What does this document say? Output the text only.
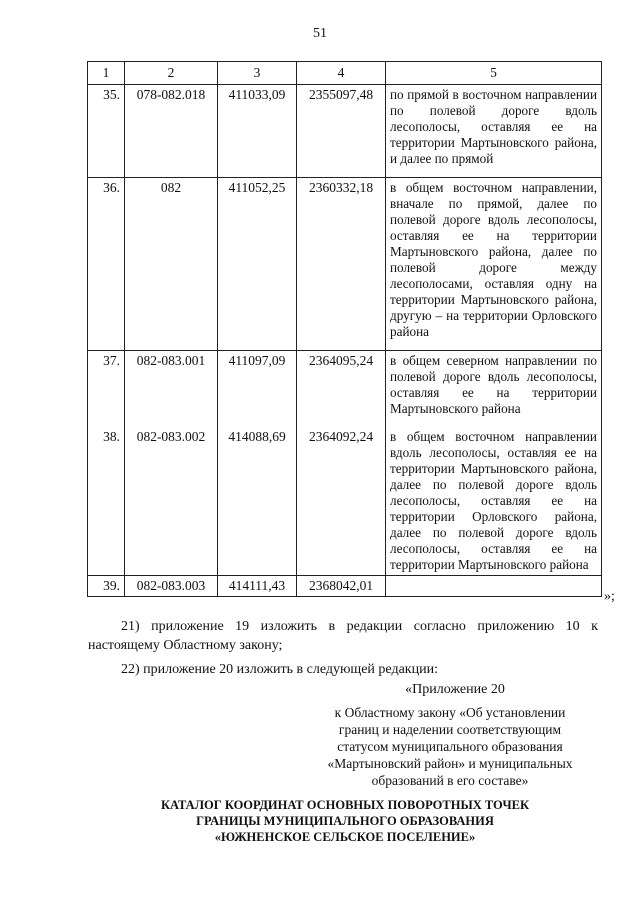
51
1	2	3	4	5
35.	078-082.018	411033,09	2355097,48	по прямой в восточном направлении по полевой дороге вдоль лесополосы, оставляя ее на территории Мартыновского района, и далее по прямой
36.	082	411052,25	2360332,18	в общем восточном направлении, вначале по прямой, далее по полевой дороге вдоль лесополосы, оставляя ее на территории Мартыновского района, далее по полевой дороге между лесополосами, оставляя одну на территории Мартыновского района, другую – на территории Орловского района
37.	082-083.001	411097,09	2364095,24	в общем северном направлении по полевой дороге вдоль лесополосы, оставляя ее на территории Мартыновского района
38.	082-083.002	414088,69	2364092,24	в общем восточном направлении вдоль лесополосы, оставляя ее на территории Мартыновского района, далее по полевой дороге вдоль лесополосы, оставляя ее на территории Орловского района, далее по полевой дороге вдоль лесополосы, оставляя ее на территории Мартыновского района
39.	082-083.003	414111,43	2368042,01	
»;
21) приложение 19 изложить в редакции согласно приложению 10 к настоящему Областному закону;
22) приложение 20 изложить в следующей редакции:
«Приложение 20
к Областному закону «Об установлении
границ и наделении соответствующим
статусом муниципального образования
«Мартыновский район» и муниципальных
образований в его составе»
КАТАЛОГ КООРДИНАТ ОСНОВНЫХ ПОВОРОТНЫХ ТОЧЕК
ГРАНИЦЫ МУНИЦИПАЛЬНОГО ОБРАЗОВАНИЯ
«ЮЖНЕНСКОЕ СЕЛЬСКОЕ ПОСЕЛЕНИЕ»
